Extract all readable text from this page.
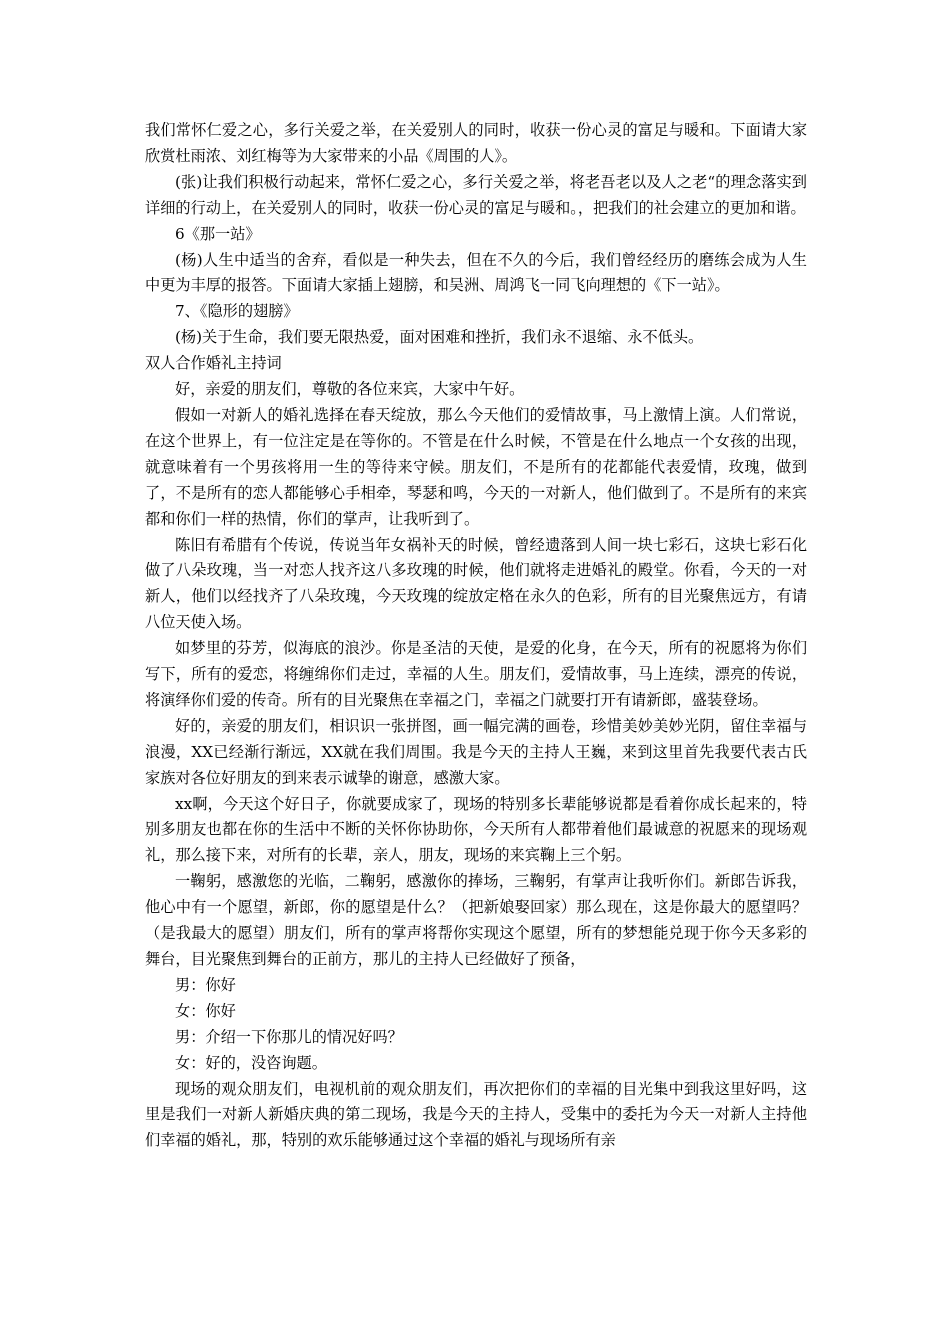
我们常怀仁爱之心，多行关爱之举，在关爱别人的同时，收获一份心灵的富足与暖和。下面请大家欣赏杜雨浓、刘红梅等为大家带来的小品《周围的人》。

(张)让我们积极行动起来，常怀仁爱之心，多行关爱之举，将老吾老以及人之老“的理念落实到详细的行动上，在关爱别人的同时，收获一份心灵的富足与暖和。，把我们的社会建立的更加和谐。

6《那一站》

(杨)人生中适当的舍弃，看似是一种失去，但在不久的今后，我们曾经经历的磨练会成为人生中更为丰厚的报答。下面请大家插上翅膀，和吴洲、周鸿飞一同飞向理想的《下一站》。

7、《隐形的翅膀》

(杨)关于生命，我们要无限热爱，面对困难和挫折，我们永不退缩、永不低头。

双人合作婚礼主持词

好，亲爱的朋友们，尊敬的各位来宾，大家中午好。

假如一对新人的婚礼选择在春天绽放，那么今天他们的爱情故事，马上激情上演。人们常说，在这个世界上，有一位注定是在等你的。不管是在什么时候，不管是在什么地点一个女孩的出现，就意味着有一个男孩将用一生的等待来守候。朋友们，不是所有的花都能代表爱情，玫瑰，做到了，不是所有的恋人都能够心手相牵，琴瑟和鸣，今天的一对新人，他们做到了。不是所有的来宾都和你们一样的热情，你们的掌声，让我听到了。

陈旧有希腊有个传说，传说当年女祸补天的时候，曾经遗落到人间一块七彩石，这块七彩石化做了八朵玫瑰，当一对恋人找齐这八多玫瑰的时候，他们就将走进婚礼的殿堂。你看，今天的一对新人，他们以经找齐了八朵玫瑰，今天玫瑰的绽放定格在永久的色彩，所有的目光聚焦远方，有请八位天使入场。

如梦里的芬芳，似海底的浪沙。你是圣洁的天使，是爱的化身，在今天，所有的祝愿将为你们写下，所有的爱恋，将缠绵你们走过，幸福的人生。朋友们，爱情故事，马上连续，漂亮的传说，将演绎你们爱的传奇。所有的目光聚焦在幸福之门，幸福之门就要打开有请新郎，盛装登场。

好的，亲爱的朋友们，相识识一张拼图，画一幅完满的画卷，珍惜美妙美妙光阴，留住幸福与浪漫，XX已经渐行渐远，XX就在我们周围。我是今天的主持人王巍，来到这里首先我要代表古氏家族对各位好朋友的到来表示诚挚的谢意，感激大家。

xx啊，今天这个好日子，你就要成家了，现场的特别多长辈能够说都是看着你成长起来的，特别多朋友也都在你的生活中不断的关怀你协助你，今天所有人都带着他们最诚意的祝愿来的现场观礼，那么接下来，对所有的长辈，亲人，朋友，现场的来宾鞠上三个躬。

一鞠躬，感激您的光临，二鞠躬，感激你的捧场，三鞠躬，有掌声让我听你们。新郎告诉我，他心中有一个愿望，新郎，你的愿望是什么？（把新娘娶回家）那么现在，这是你最大的愿望吗？（是我最大的愿望）朋友们，所有的掌声将帮你实现这个愿望，所有的梦想能兑现于你今天多彩的舞台，目光聚焦到舞台的正前方，那儿的主持人已经做好了预备，

男：你好

女：你好

男：介绍一下你那儿的情况好吗？

女：好的，没咨询题。

现场的观众朋友们，电视机前的观众朋友们，再次把你们的幸福的目光集中到我这里好吗，这里是我们一对新人新婚庆典的第二现场，我是今天的主持人，受集中的委托为今天一对新人主持他们幸福的婚礼，那，特别的欢乐能够通过这个幸福的婚礼与现场所有亲
